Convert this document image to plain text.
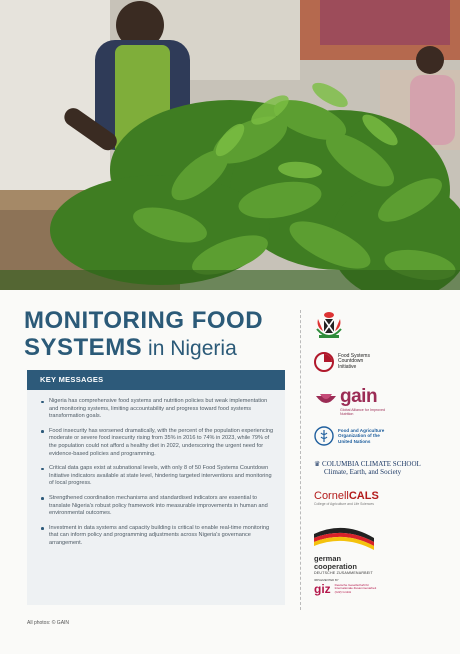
MONITORING FOOD
SYSTEMS in Nigeria
KEY MESSAGES
Nigeria has comprehensive food systems and nutrition policies but weak implementation and monitoring systems, limiting accountability and progress toward food systems transformation goals.
Food insecurity has worsened dramatically, with the percent of the population experiencing moderate or severe food insecurity rising from 35% in 2016 to 74% in 2023, while 79% of the population could not afford a healthy diet in 2022, underscoring the urgent need for evidence-based policies and programming.
Critical data gaps exist at subnational levels, with only 8 of 50 Food Systems Countdown Initiative indicators available at state level, hindering targeted interventions and monitoring of local progress.
Strengthened coordination mechanisms and standardised indicators are essential to translate Nigeria's robust policy framework into measurable improvements in human and environmental outcomes.
Investment in data systems and capacity building is critical to enable real-time monitoring that can inform policy and programming adjustments across Nigeria's governance arrangement.
All photos: © GAIN
Food Systems Countdown Initiative
gain
Global Alliance for Improved Nutrition
Food and Agriculture Organization of the United Nations
♛ COLUMBIA CLIMATE SCHOOL
Climate, Earth, and Society
CornellCALS
College of Agriculture and Life Sciences
german
cooperation
DEUTSCHE ZUSAMMENARBEIT
IMPLEMENTED BY
giz Deutsche Gesellschaft für Internationale Zusammenarbeit (GIZ) GmbH
